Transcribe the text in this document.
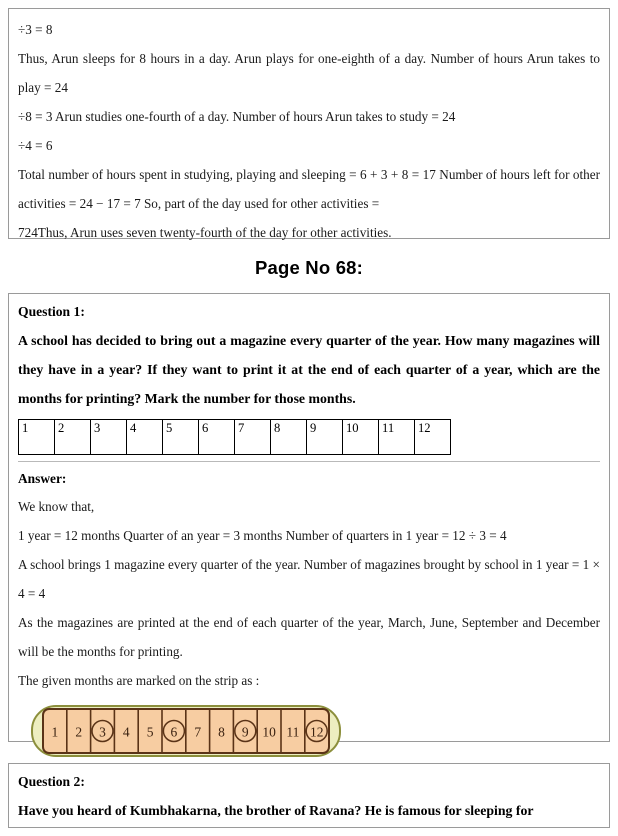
÷3 = 8

Thus, Arun sleeps for 8 hours in a day. Arun plays for one-eighth of a day. Number of hours Arun takes to play = 24

÷8 = 3 Arun studies one-fourth of a day. Number of hours Arun takes to study = 24

÷4 = 6

Total number of hours spent in studying, playing and sleeping = 6 + 3 + 8 = 17 Number of hours left for other activities = 24 − 17 = 7 So, part of the day used for other activities =

724Thus, Arun uses seven twenty-fourth of the day for other activities.

Page No 68:

Question 1:

A school has decided to bring out a magazine every quarter of the year. How many magazines will they have in a year? If they want to print it at the end of each quarter of a year, which are the months for printing? Mark the number for those months.

1	2	3	4	5	6	7	8	9	10	11	12

Answer:

We know that,

1 year = 12 months Quarter of an year = 3 months Number of quarters in 1 year = 12 ÷ 3 = 4

A school brings 1 magazine every quarter of the year. Number of magazines brought by school in 1 year = 1 × 4 = 4

As the magazines are printed at the end of each quarter of the year, March, June, September and December will be the months for printing.

The given months are marked on the strip as :

1 2 3 4 5 6 7 8 9 10 11 12

Question 2:

Have you heard of Kumbhakarna, the brother of Ravana? He is famous for sleeping for
